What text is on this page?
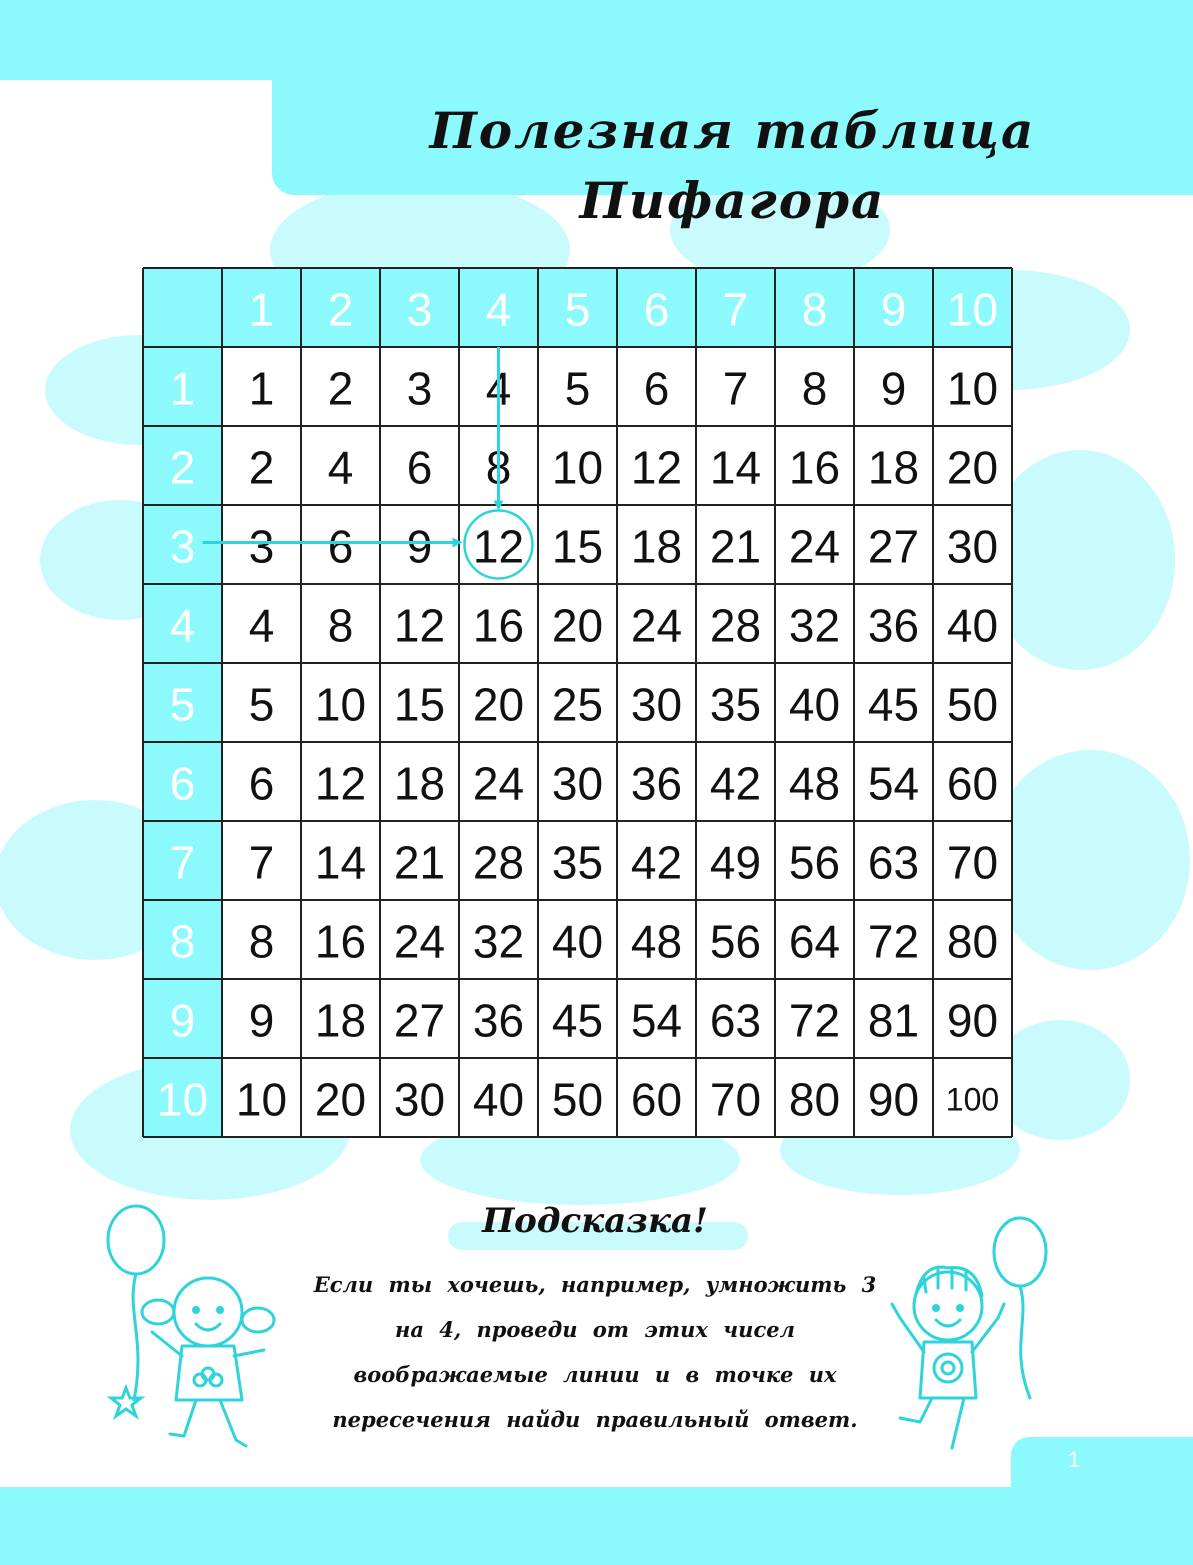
Полезная таблица Пифагора
1
1
2
2
3
3
4
4
5
5
6
6
7
7
8
8
9
9
10
10
1 2 3 4 5 6 7 8 9 10
2 4 6 8 10 12 14 16 18 20
3 6 9 12 15 18 21 24 27 30
4 8 12 16 20 24 28 32 36 40
5 10 15 20 25 30 35 40 45 50
6 12 18 24 30 36 42 48 54 60
7 14 21 28 35 42 49 56 63 70
8 16 24 32 40 48 56 64 72 80
9 18 27 36 45 54 63 72 81 90
10 20 30 40 50 60 70 80 90 100
Подсказка!

Если ты хочешь, например, умножить 3 на 4, проведи от этих чисел воображаемые линии и в точке их пересечения найди правильный ответ.

1
